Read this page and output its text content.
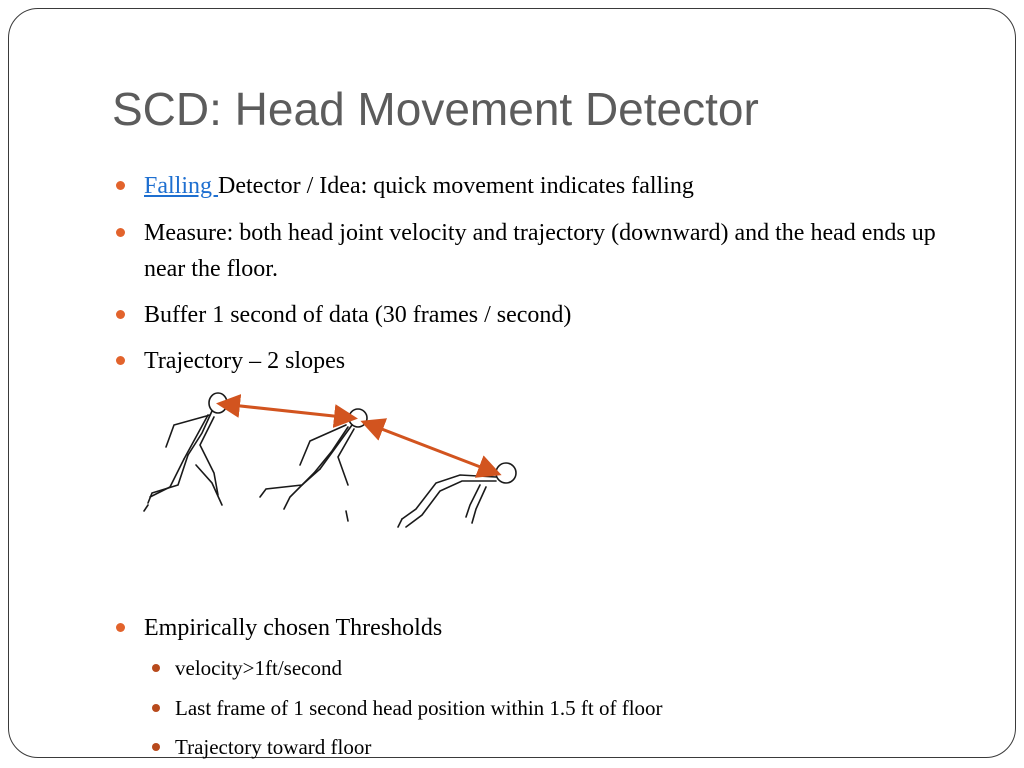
SCD: Head Movement Detector
Falling Detector / Idea: quick movement indicates falling
Measure: both head joint velocity and trajectory (downward) and the head ends up near the floor.
Buffer 1 second of data (30 frames / second)
Trajectory – 2 slopes
Empirically chosen Thresholds
velocity>1ft/second
Last frame of 1 second head position within 1.5 ft of floor
Trajectory toward floor
